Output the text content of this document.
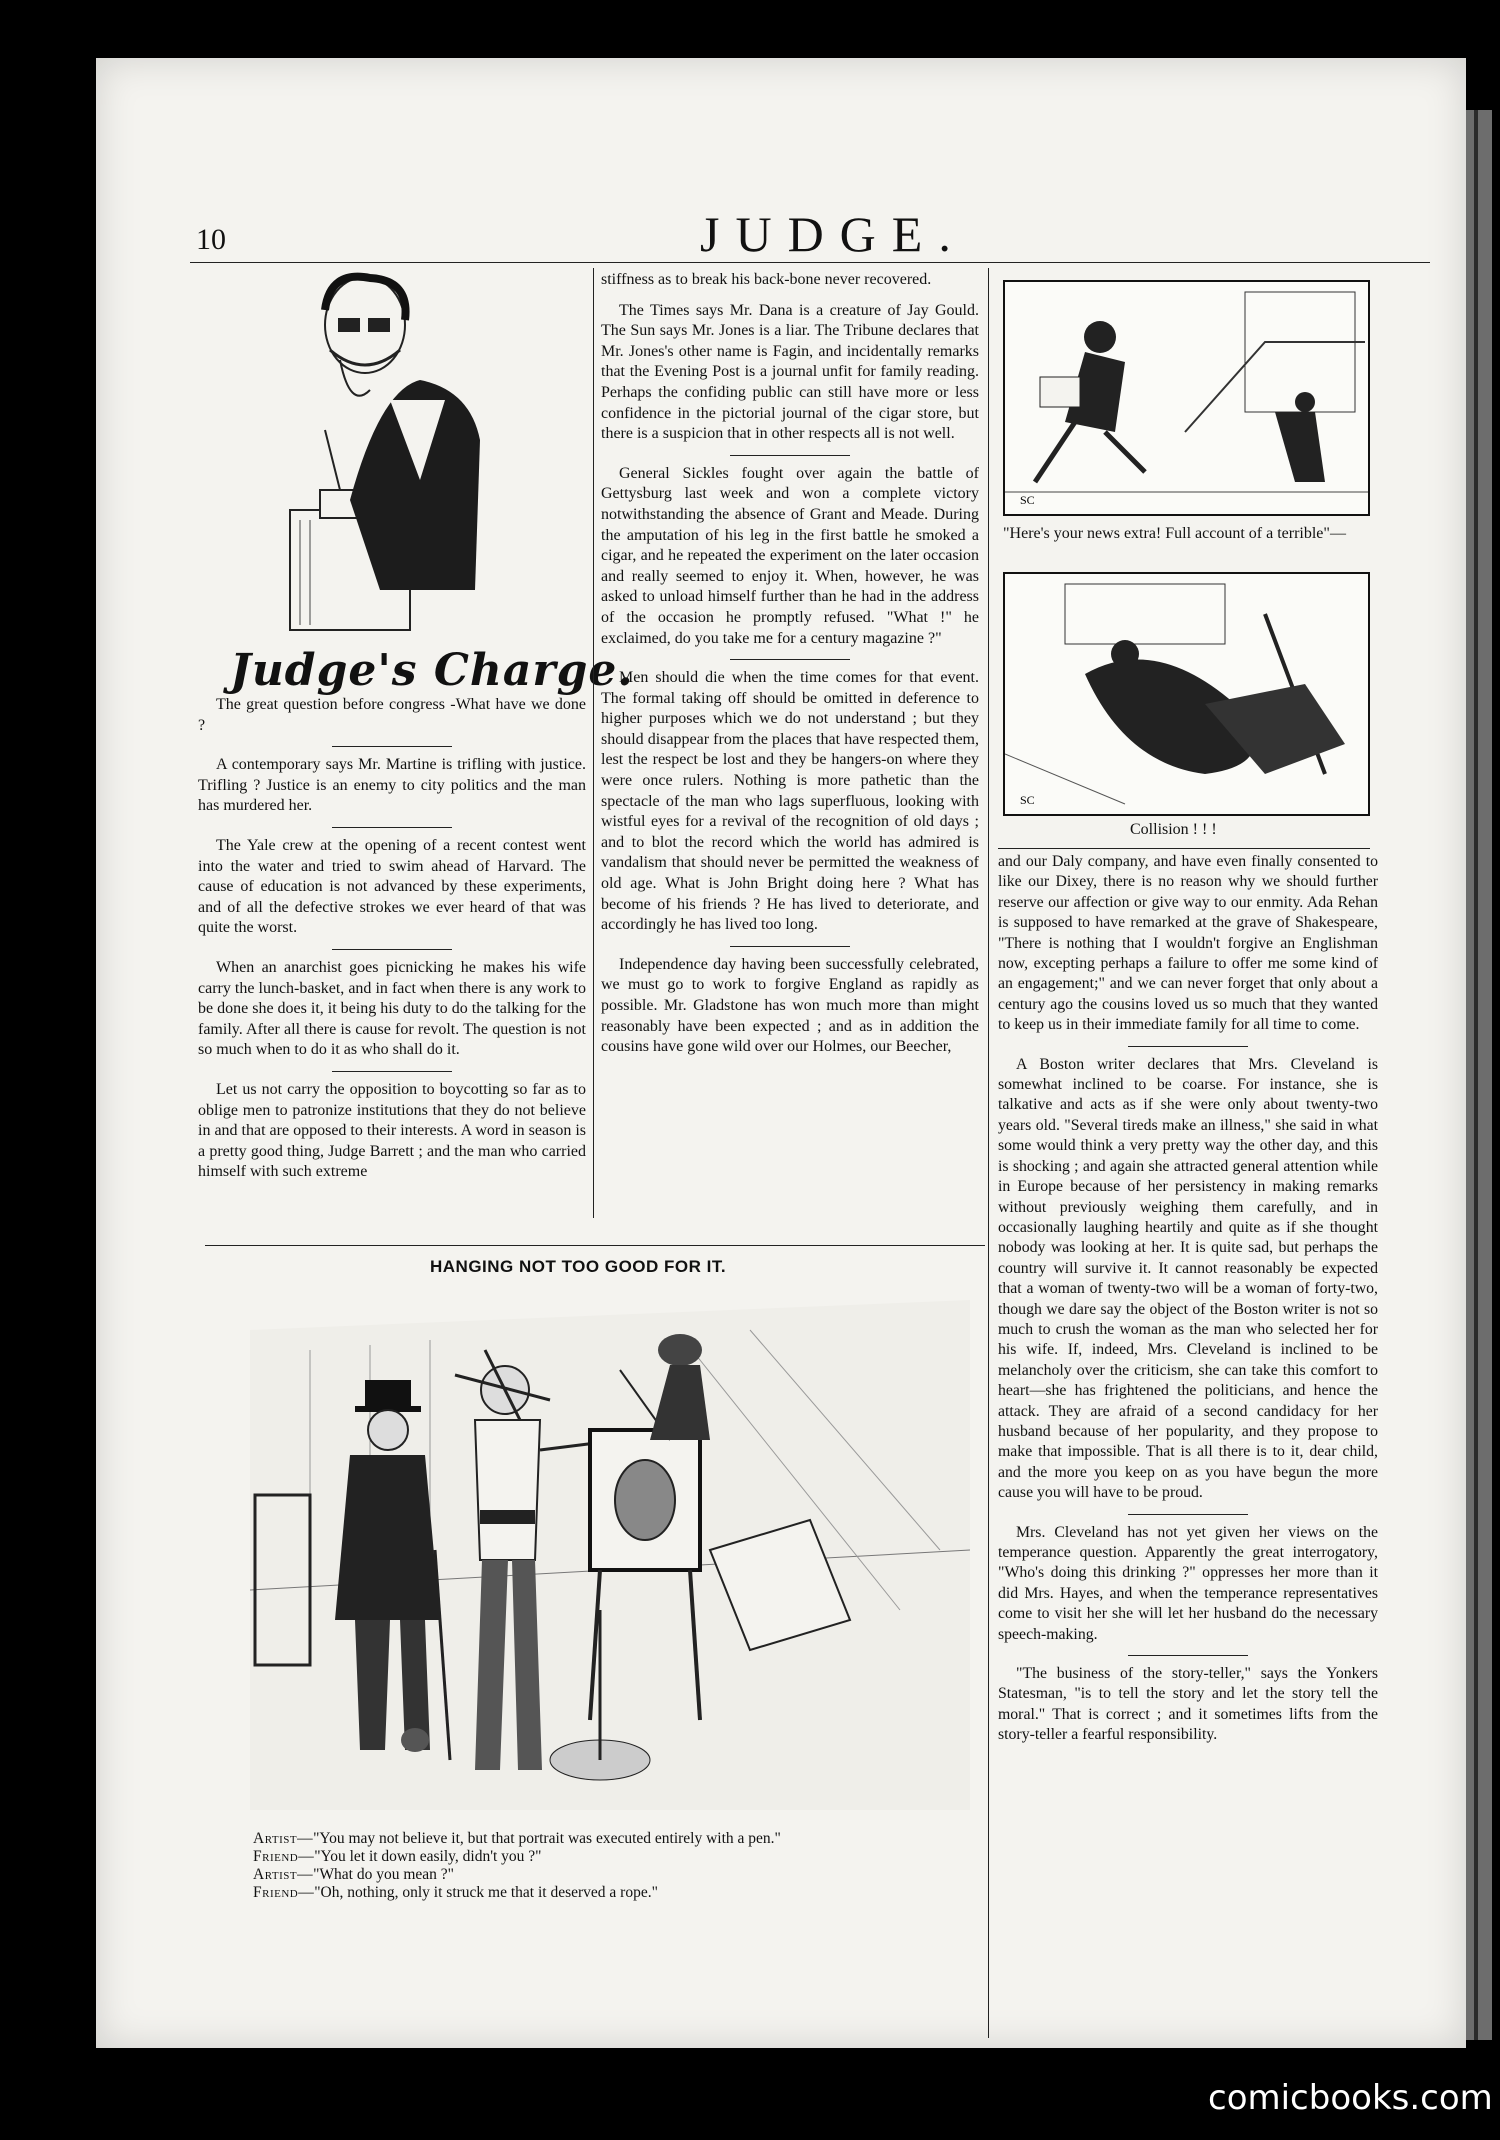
10	JUDGE.
Judge's Charge.

The great question before congress -What have we done ?

A contemporary says Mr. Martine is trifling with justice. Trifling ? Justice is an enemy to city politics and the man has murdered her.

The Yale crew at the opening of a recent contest went into the water and tried to swim ahead of Harvard. The cause of education is not advanced by these experiments, and of all the defective strokes we ever heard of that was quite the worst.

When an anarchist goes picnicking he makes his wife carry the lunch-basket, and in fact when there is any work to be done she does it, it being his duty to do the talking for the family. After all there is cause for revolt. The question is not so much when to do it as who shall do it.

Let us not carry the opposition to boycotting so far as to oblige men to patronize institutions that they do not believe in and that are opposed to their interests. A word in season is a pretty good thing, Judge Barrett ; and the man who carried himself with such extreme

stiffness as to break his back-bone never recovered.

The Times says Mr. Dana is a creature of Jay Gould. The Sun says Mr. Jones is a liar. The Tribune declares that Mr. Jones's other name is Fagin, and incidentally remarks that the Evening Post is a journal unfit for family reading. Perhaps the confiding public can still have more or less confidence in the pictorial journal of the cigar store, but there is a suspicion that in other respects all is not well.

General Sickles fought over again the battle of Gettysburg last week and won a complete victory notwithstanding the absence of Grant and Meade. During the amputation of his leg in the first battle he smoked a cigar, and he repeated the experiment on the later occasion and really seemed to enjoy it. When, however, he was asked to unload himself further than he had in the address of the occasion he promptly refused. "What !" he exclaimed, do you take me for a century magazine ?"

Men should die when the time comes for that event. The formal taking off should be omitted in deference to higher purposes which we do not understand ; but they should disappear from the places that have respected them, lest the respect be lost and they be hangers-on where they were once rulers. Nothing is more pathetic than the spectacle of the man who lags superfluous, looking with wistful eyes for a revival of the recognition of old days ; and to blot the record which the world has admired is vandalism that should never be permitted the weakness of old age. What is John Bright doing here ? What has become of his friends ? He has lived to deteriorate, and accordingly he has lived too long.

Independence day having been successfully celebrated, we must go to work to forgive England as rapidly as possible. Mr. Gladstone has won much more than might reasonably have been expected ; and as in addition the cousins have gone wild over our Holmes, our Beecher,

SC
"Here's your news extra! Full account of a terrible"—
SC
Collision ! ! !

and our Daly company, and have even finally consented to like our Dixey, there is no reason why we should further reserve our affection or give way to our enmity. Ada Rehan is supposed to have remarked at the grave of Shakespeare, "There is nothing that I wouldn't forgive an Englishman now, excepting perhaps a failure to offer me some kind of an engagement;" and we can never forget that only about a century ago the cousins loved us so much that they wanted to keep us in their immediate family for all time to come.

A Boston writer declares that Mrs. Cleveland is somewhat inclined to be coarse. For instance, she is talkative and acts as if she were only about twenty-two years old. "Several tireds make an illness," she said in what some would think a very pretty way the other day, and this is shocking ; and again she attracted general attention while in Europe because of her persistency in making remarks without previously weighing them carefully, and in occasionally laughing heartily and quite as if she thought nobody was looking at her. It is quite sad, but perhaps the country will survive it. It cannot reasonably be expected that a woman of twenty-two will be a woman of forty-two, though we dare say the object of the Boston writer is not so much to crush the woman as the man who selected her for his wife. If, indeed, Mrs. Cleveland is inclined to be melancholy over the criticism, she can take this comfort to heart—she has frightened the politicians, and hence the attack. They are afraid of a second candidacy for her husband because of her popularity, and they propose to make that impossible. That is all there is to it, dear child, and the more you keep on as you have begun the more cause you will have to be proud.

Mrs. Cleveland has not yet given her views on the temperance question. Apparently the great interrogatory, "Who's doing this drinking ?" oppresses her more than it did Mrs. Hayes, and when the temperance representatives come to visit her she will let her husband do the necessary speech-making.

"The business of the story-teller," says the Yonkers Statesman, "is to tell the story and let the story tell the moral." That is correct ; and it sometimes lifts from the story-teller a fearful responsibility.

HANGING NOT TOO GOOD FOR IT.
Artist—"You may not believe it, but that portrait was executed entirely with a pen."
Friend—"You let it down easily, didn't you ?"
Artist—"What do you mean ?"
Friend—"Oh, nothing, only it struck me that it deserved a rope."
comicbooks.com
